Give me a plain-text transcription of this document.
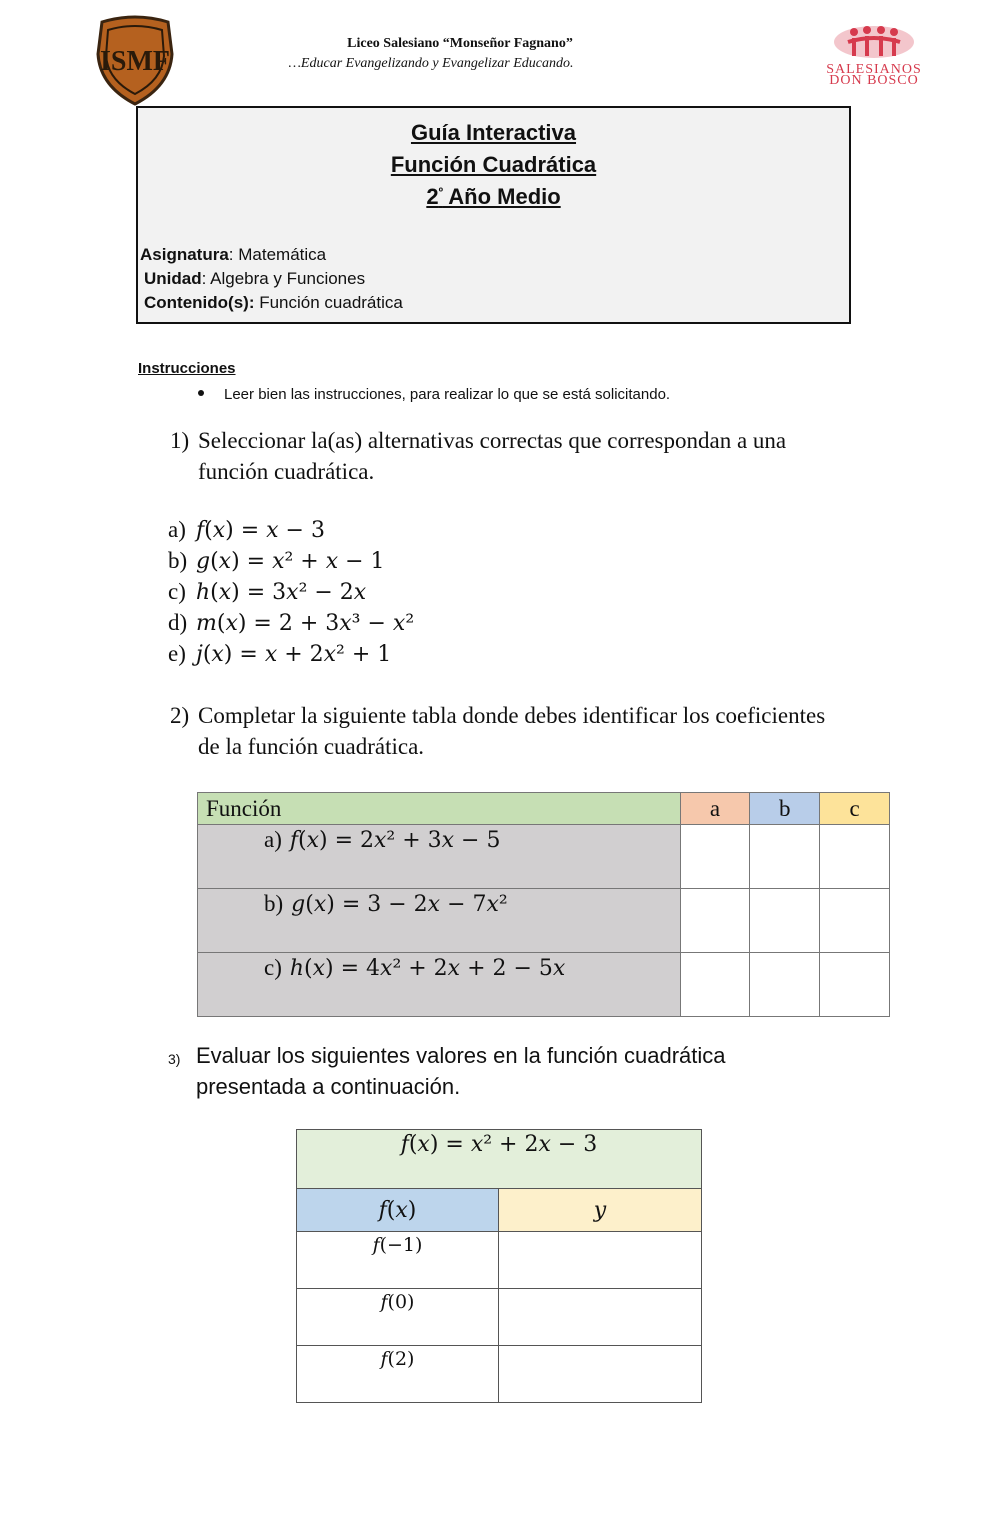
ISMF
Liceo Salesiano “Monseñor Fagnano”
…Educar Evangelizando y Evangelizar Educando.	SALESIANOS
DON BOSCO
Guía Interactiva
Función Cuadrática
$2^º$ Año Medio
Asignatura: Matemática
Unidad: Algebra y Funciones
Contenido(s): Función cuadrática
Instrucciones
Leer bien las instrucciones, para realizar lo que se está solicitando.
1) Seleccionar la(as) alternativas correctas que correspondan a una función cuadrática.
a) 𝑓(𝑥) = 𝑥 − 3
b) 𝑔(𝑥) = 𝑥² + 𝑥 − 1
c) ℎ(𝑥) = 3𝑥² − 2𝑥
d) 𝑚(𝑥) = 2 + 3𝑥³ − 𝑥²
e) 𝑗(𝑥) = 𝑥 + 2𝑥² + 1
2) Completar la siguiente tabla donde debes identificar los coeficientes de la función cuadrática.
Función	a	b	c
a) 𝑓(𝑥) = 2𝑥² + 3𝑥 − 5			
b) 𝑔(𝑥) = 3 − 2𝑥 − 7𝑥²			
c) ℎ(𝑥) = 4𝑥² + 2𝑥 + 2 − 5𝑥			
3) Evaluar los siguientes valores en la función cuadrática presentada a continuación.
𝑓(𝑥) = 𝑥² + 2𝑥 − 3	
𝑓(𝑥)	𝑦
𝑓(−1)	
𝑓(0)	
𝑓(2)	
